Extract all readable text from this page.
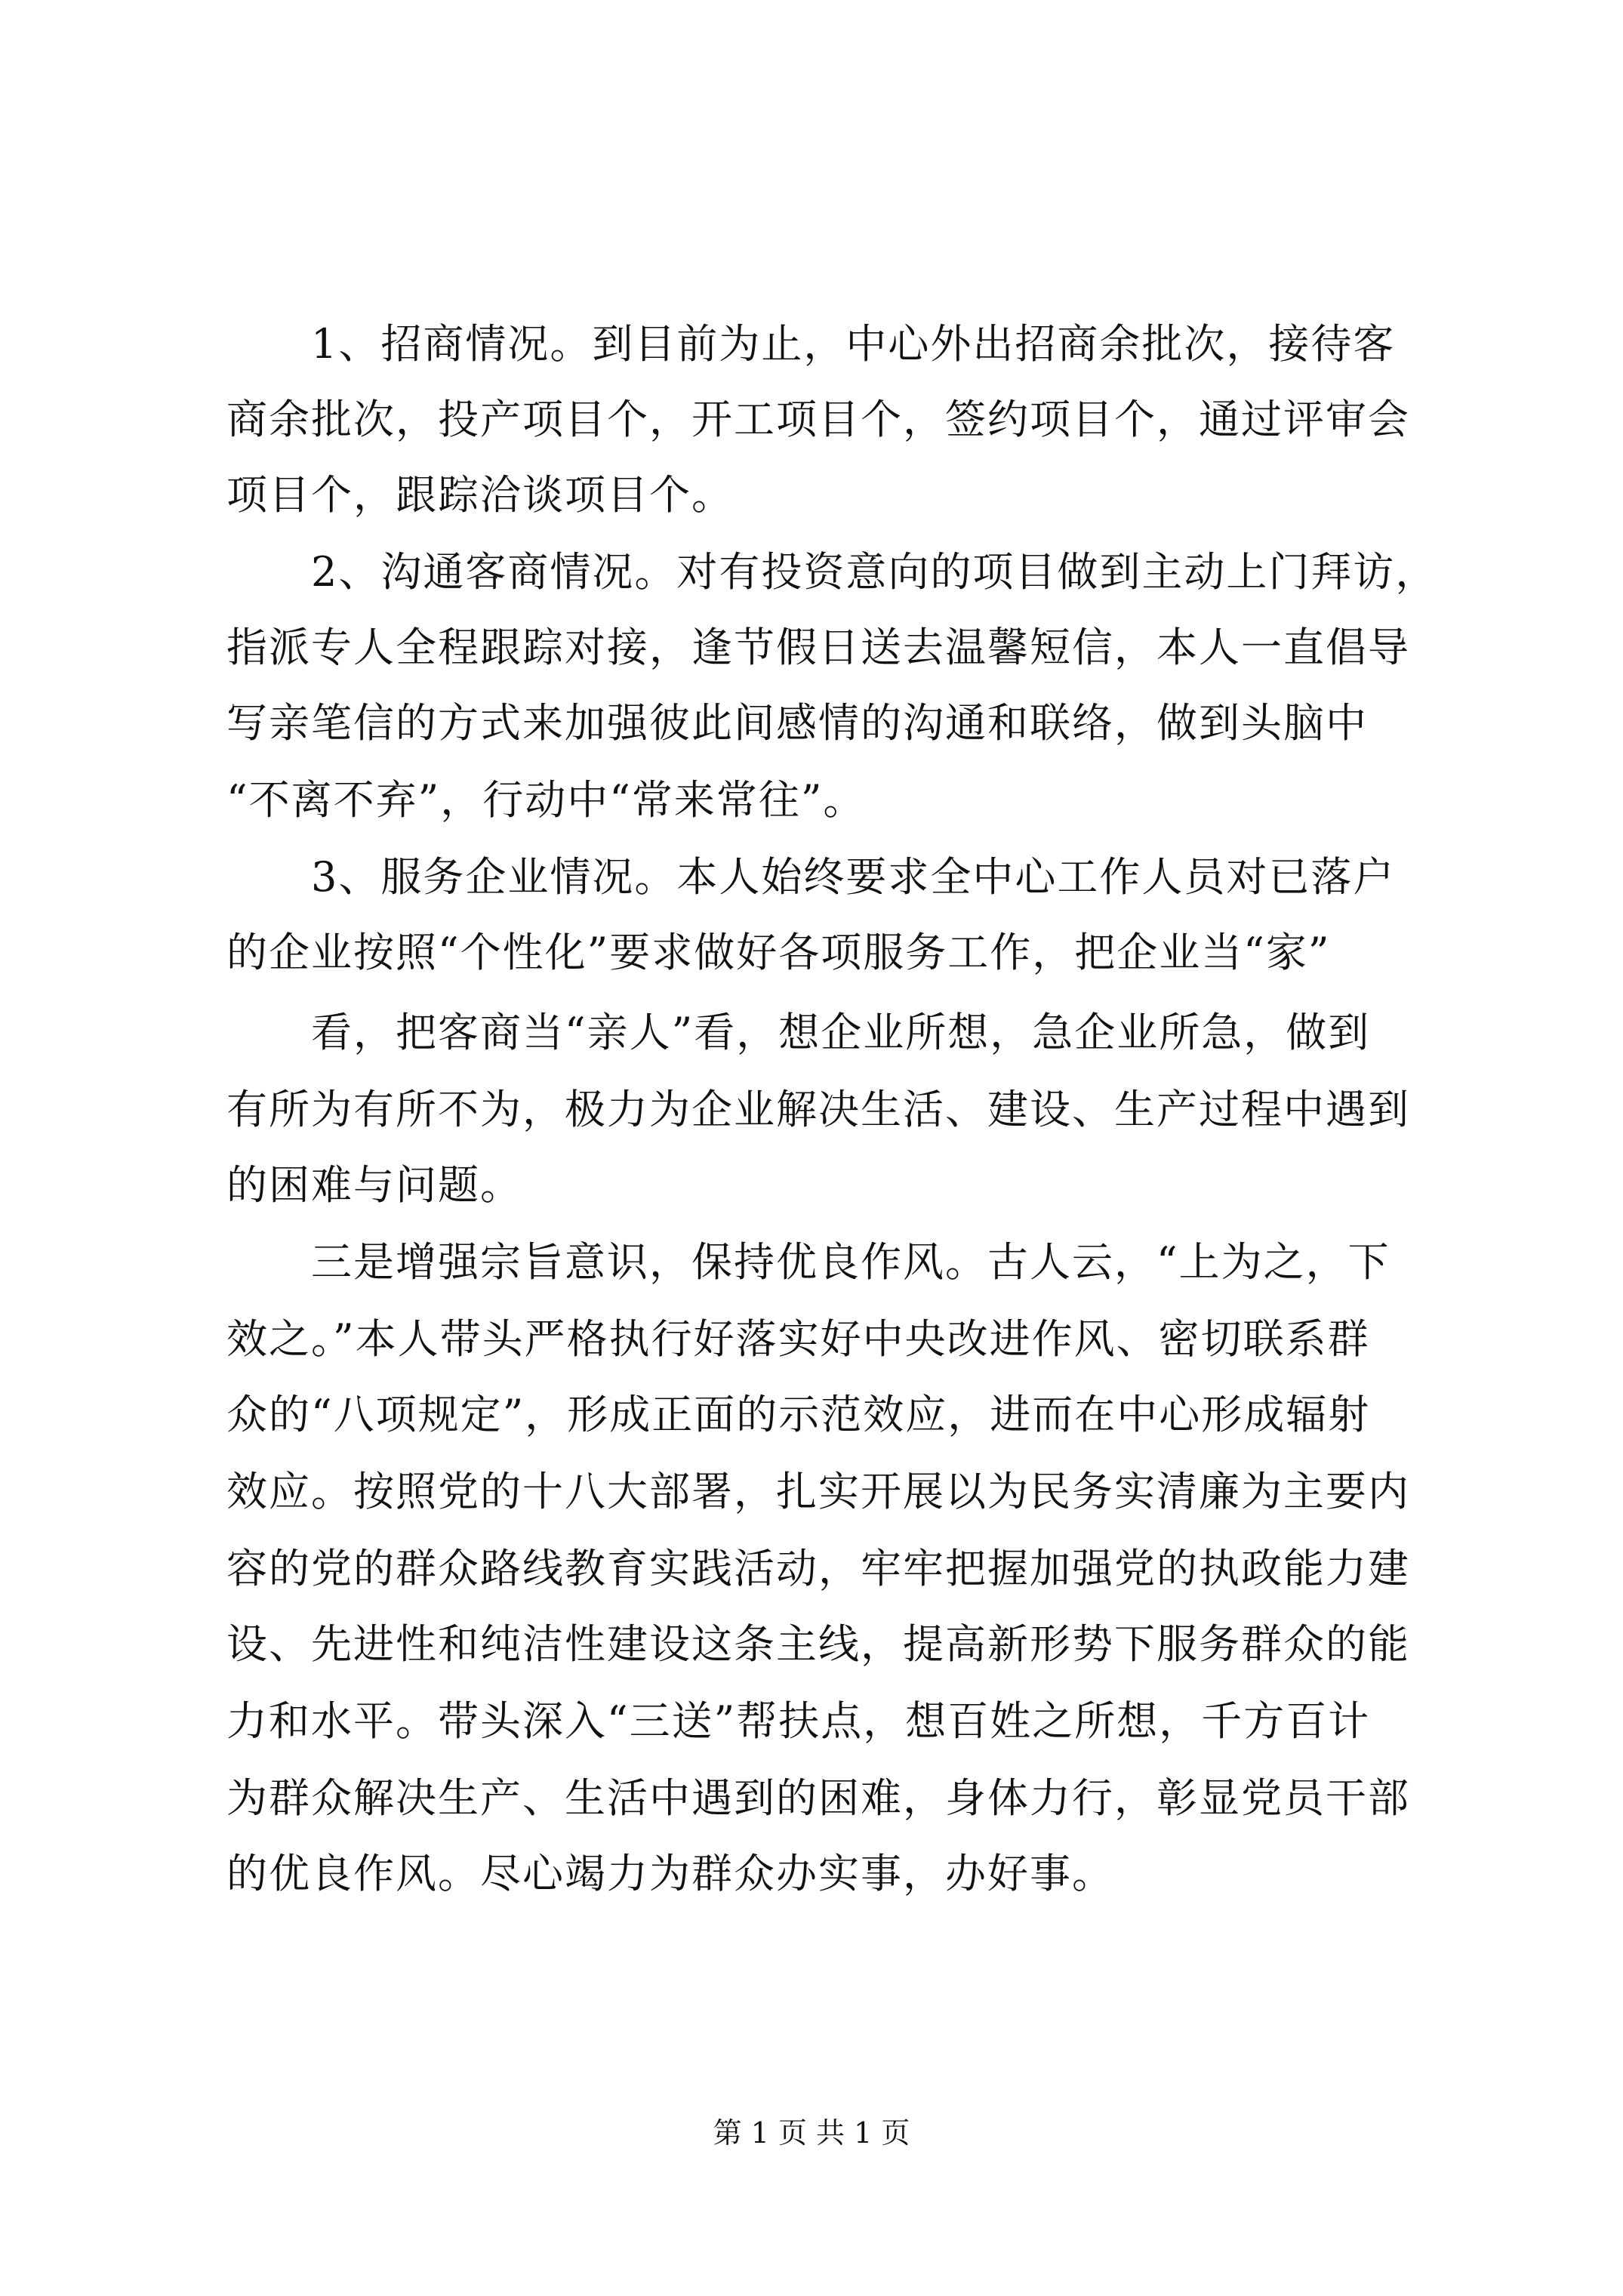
　　1、招商情况。到目前为止，中心外出招商余批次，接待客
商余批次，投产项目个，开工项目个，签约项目个，通过评审会
项目个，跟踪洽谈项目个。
　　2、沟通客商情况。对有投资意向的项目做到主动上门拜访，
指派专人全程跟踪对接，逢节假日送去温馨短信，本人一直倡导
写亲笔信的方式来加强彼此间感情的沟通和联络，做到头脑中
“不离不弃”，行动中“常来常往”。
　　3、服务企业情况。本人始终要求全中心工作人员对已落户
的企业按照“个性化”要求做好各项服务工作，把企业当“家”
　　看，把客商当“亲人”看，想企业所想，急企业所急，做到
有所为有所不为，极力为企业解决生活、建设、生产过程中遇到
的困难与问题。
　　三是增强宗旨意识，保持优良作风。古人云，“上为之，下
效之。”本人带头严格执行好落实好中央改进作风、密切联系群
众的“八项规定”，形成正面的示范效应，进而在中心形成辐射
效应。按照党的十八大部署，扎实开展以为民务实清廉为主要内
容的党的群众路线教育实践活动，牢牢把握加强党的执政能力建
设、先进性和纯洁性建设这条主线，提高新形势下服务群众的能
力和水平。带头深入“三送”帮扶点，想百姓之所想，千方百计
为群众解决生产、生活中遇到的困难，身体力行，彰显党员干部
的优良作风。尽心竭力为群众办实事，办好事。
第 1 页 共 1 页
